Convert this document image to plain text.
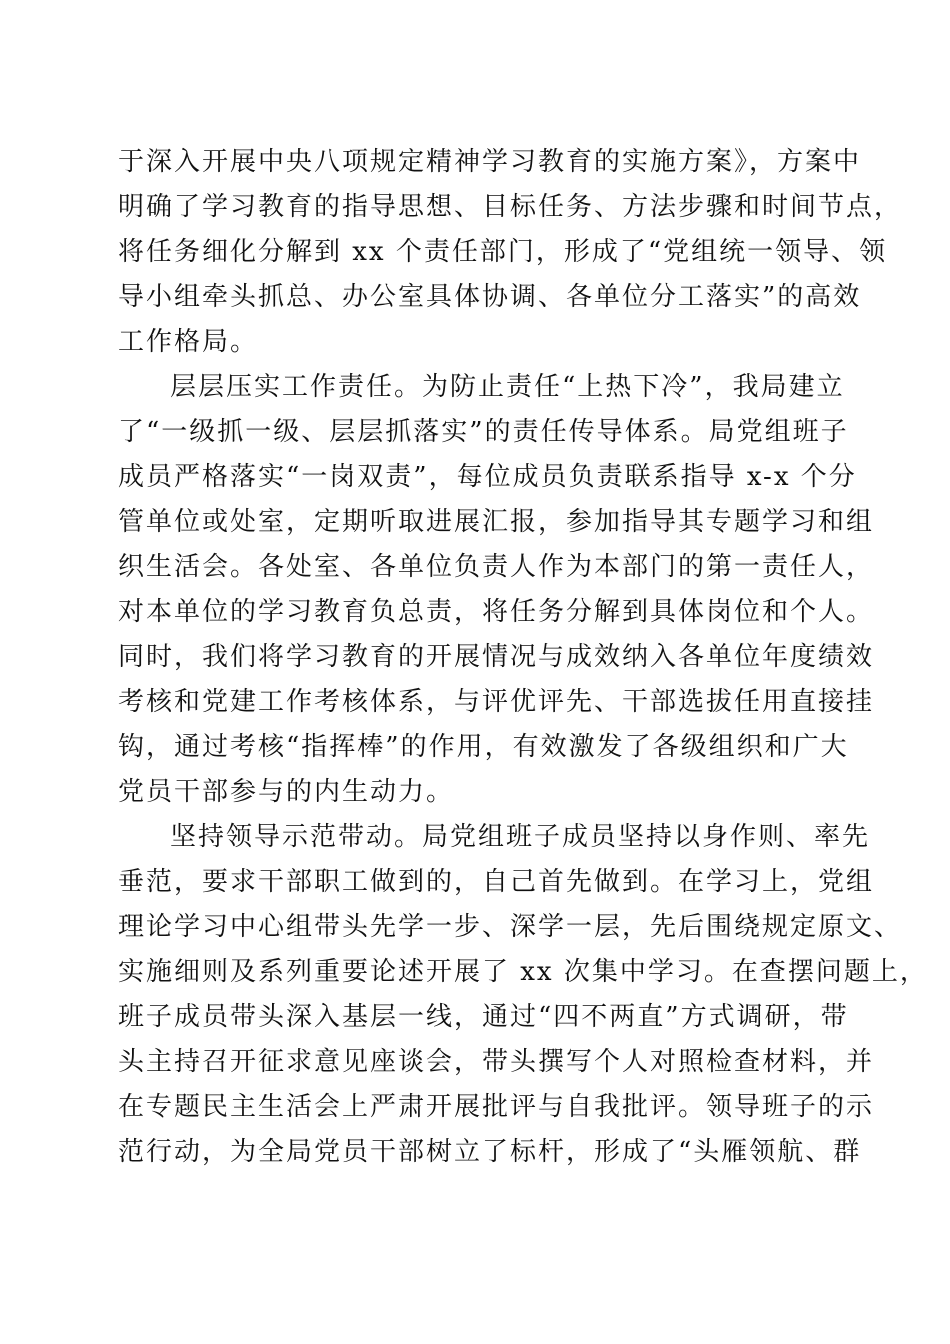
于深入开展中央八项规定精神学习教育的实施方案》，方案中
明确了学习教育的指导思想、目标任务、方法步骤和时间节点，
将任务细化分解到 xx 个责任部门，形成了“党组统一领导、领
导小组牵头抓总、办公室具体协调、各单位分工落实”的高效
工作格局。
层层压实工作责任。为防止责任“上热下冷”，我局建立
了“一级抓一级、层层抓落实”的责任传导体系。局党组班子
成员严格落实“一岗双责”，每位成员负责联系指导 x-x 个分
管单位或处室，定期听取进展汇报，参加指导其专题学习和组
织生活会。各处室、各单位负责人作为本部门的第一责任人，
对本单位的学习教育负总责，将任务分解到具体岗位和个人。
同时，我们将学习教育的开展情况与成效纳入各单位年度绩效
考核和党建工作考核体系，与评优评先、干部选拔任用直接挂
钩，通过考核“指挥棒”的作用，有效激发了各级组织和广大
党员干部参与的内生动力。
坚持领导示范带动。局党组班子成员坚持以身作则、率先
垂范，要求干部职工做到的，自己首先做到。在学习上，党组
理论学习中心组带头先学一步、深学一层，先后围绕规定原文、
实施细则及系列重要论述开展了 xx 次集中学习。在查摆问题上，
班子成员带头深入基层一线，通过“四不两直”方式调研，带
头主持召开征求意见座谈会，带头撰写个人对照检查材料，并
在专题民主生活会上严肃开展批评与自我批评。领导班子的示
范行动，为全局党员干部树立了标杆，形成了“头雁领航、群
